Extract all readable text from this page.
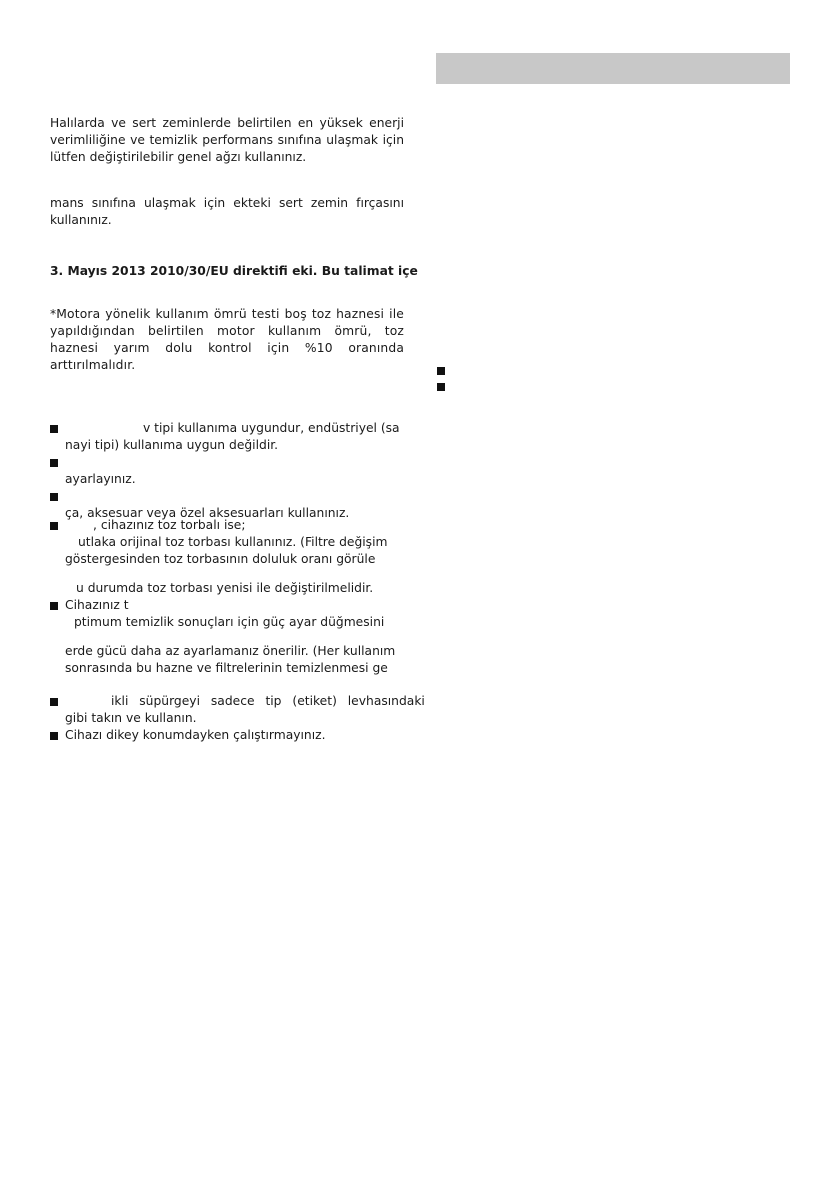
Halılarda ve sert zeminlerde belirtilen en yüksek enerji verimliliğine ve temizlik performans sınıfına ulaşmak için lütfen değiştirilebilir genel ağzı kullanınız.
mans sınıfına ulaşmak için ekteki sert zemin fırçasını kullanınız.
3. Mayıs 2013 2010/30/EU direktifi eki. Bu talimat içe
*Motora yönelik kullanım ömrü testi boş toz haznesi ile yapıldığından belirtilen motor kullanım ömrü, toz haznesi yarım dolu kontrol için %10 oranında arttırılmalıdır.
v tipi kullanıma uygundur, endüstriyel (sa
nayi tipi) kullanıma uygun değildir.
ayarlayınız.
ça, aksesuar veya özel aksesuarları kullanınız.
, cihazınız toz torbalı ise;
utlaka orijinal toz torbası kullanınız. (Filtre değişim
göstergesinden toz torbasının doluluk oranı görüle
u durumda toz torbası yenisi ile değiştirilmelidir.
Cihazınız t
ptimum temizlik sonuçları için güç ayar düğmesini
erde gücü daha az ayarlamanız önerilir. (Her kullanım
sonrasında bu hazne ve filtrelerinin temizlenmesi ge
ikli süpürgeyi sadece tip (etiket) levhasındaki
gibi takın ve kullanın.
Cihazı dikey konumdayken çalıştırmayınız.
